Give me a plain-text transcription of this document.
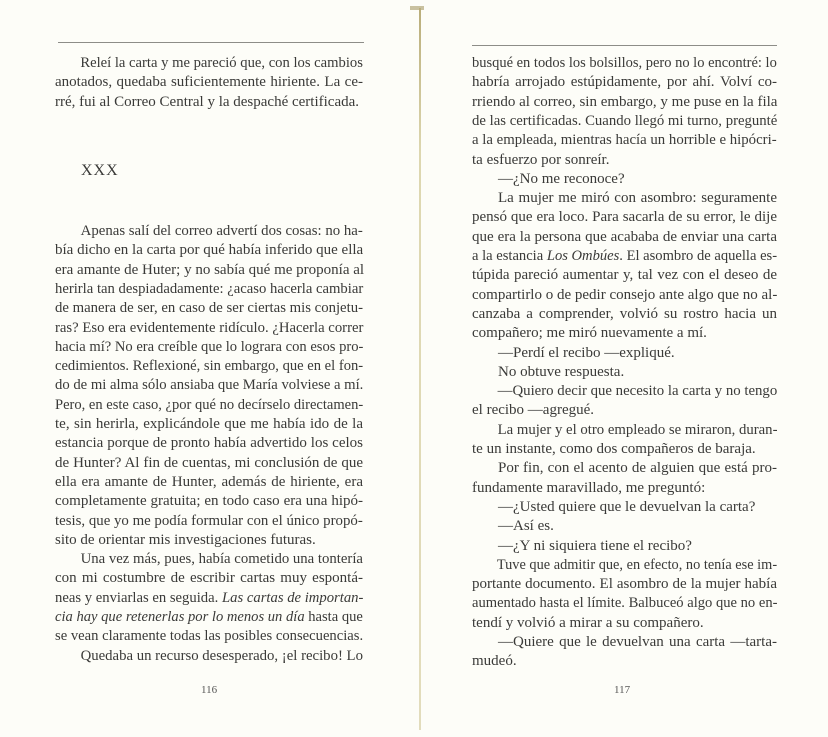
XXX
116
Releí la carta y me pareció que, con los cambios
anotados, quedaba suficientemente hiriente. La ce-
rré, fui al Correo Central y la despaché certificada.
Apenas salí del correo advertí dos cosas: no ha-
bía dicho en la carta por qué había inferido que ella
era amante de Huter; y no sabía qué me proponía al
herirla tan despiadadamente: ¿acaso hacerla cambiar
de manera de ser, en caso de ser ciertas mis conjetu-
ras? Eso era evidentemente ridículo. ¿Hacerla correr
hacia mí? No era creíble que lo lograra con esos pro-
cedimientos. Reflexioné, sin embargo, que en el fon-
do de mi alma sólo ansiaba que María volviese a mí.
Pero, en este caso, ¿por qué no decírselo directamen-
te, sin herirla, explicándole que me había ido de la
estancia porque de pronto había advertido los celos
de Hunter? Al fin de cuentas, mi conclusión de que
ella era amante de Hunter, además de hiriente, era
completamente gratuita; en todo caso era una hipó-
tesis, que yo me podía formular con el único propó-
sito de orientar mis investigaciones futuras.
Una vez más, pues, había cometido una tontería
con mi costumbre de escribir cartas muy espontá-
neas y enviarlas en seguida. Las cartas de importan-
cia hay que retenerlas por lo menos un día hasta que
se vean claramente todas las posibles consecuencias.
Quedaba un recurso desesperado, ¡el recibo! Lo
117
busqué en todos los bolsillos, pero no lo encontré: lo
habría arrojado estúpidamente, por ahí. Volví co-
rriendo al correo, sin embargo, y me puse en la fila
de las certificadas. Cuando llegó mi turno, pregunté
a la empleada, mientras hacía un horrible e hipócri-
ta esfuerzo por sonreír.
—¿No me reconoce?
La mujer me miró con asombro: seguramente
pensó que era loco. Para sacarla de su error, le dije
que era la persona que acababa de enviar una carta
a la estancia Los Ombúes. El asombro de aquella es-
túpida pareció aumentar y, tal vez con el deseo de
compartirlo o de pedir consejo ante algo que no al-
canzaba a comprender, volvió su rostro hacia un
compañero; me miró nuevamente a mí.
—Perdí el recibo —expliqué.
No obtuve respuesta.
—Quiero decir que necesito la carta y no tengo
el recibo —agregué.
La mujer y el otro empleado se miraron, duran-
te un instante, como dos compañeros de baraja.
Por fin, con el acento de alguien que está pro-
fundamente maravillado, me preguntó:
—¿Usted quiere que le devuelvan la carta?
—Así es.
—¿Y ni siquiera tiene el recibo?
Tuve que admitir que, en efecto, no tenía ese im-
portante documento. El asombro de la mujer había
aumentado hasta el límite. Balbuceó algo que no en-
tendí y volvió a mirar a su compañero.
—Quiere que le devuelvan una carta —tarta-
mudeó.
